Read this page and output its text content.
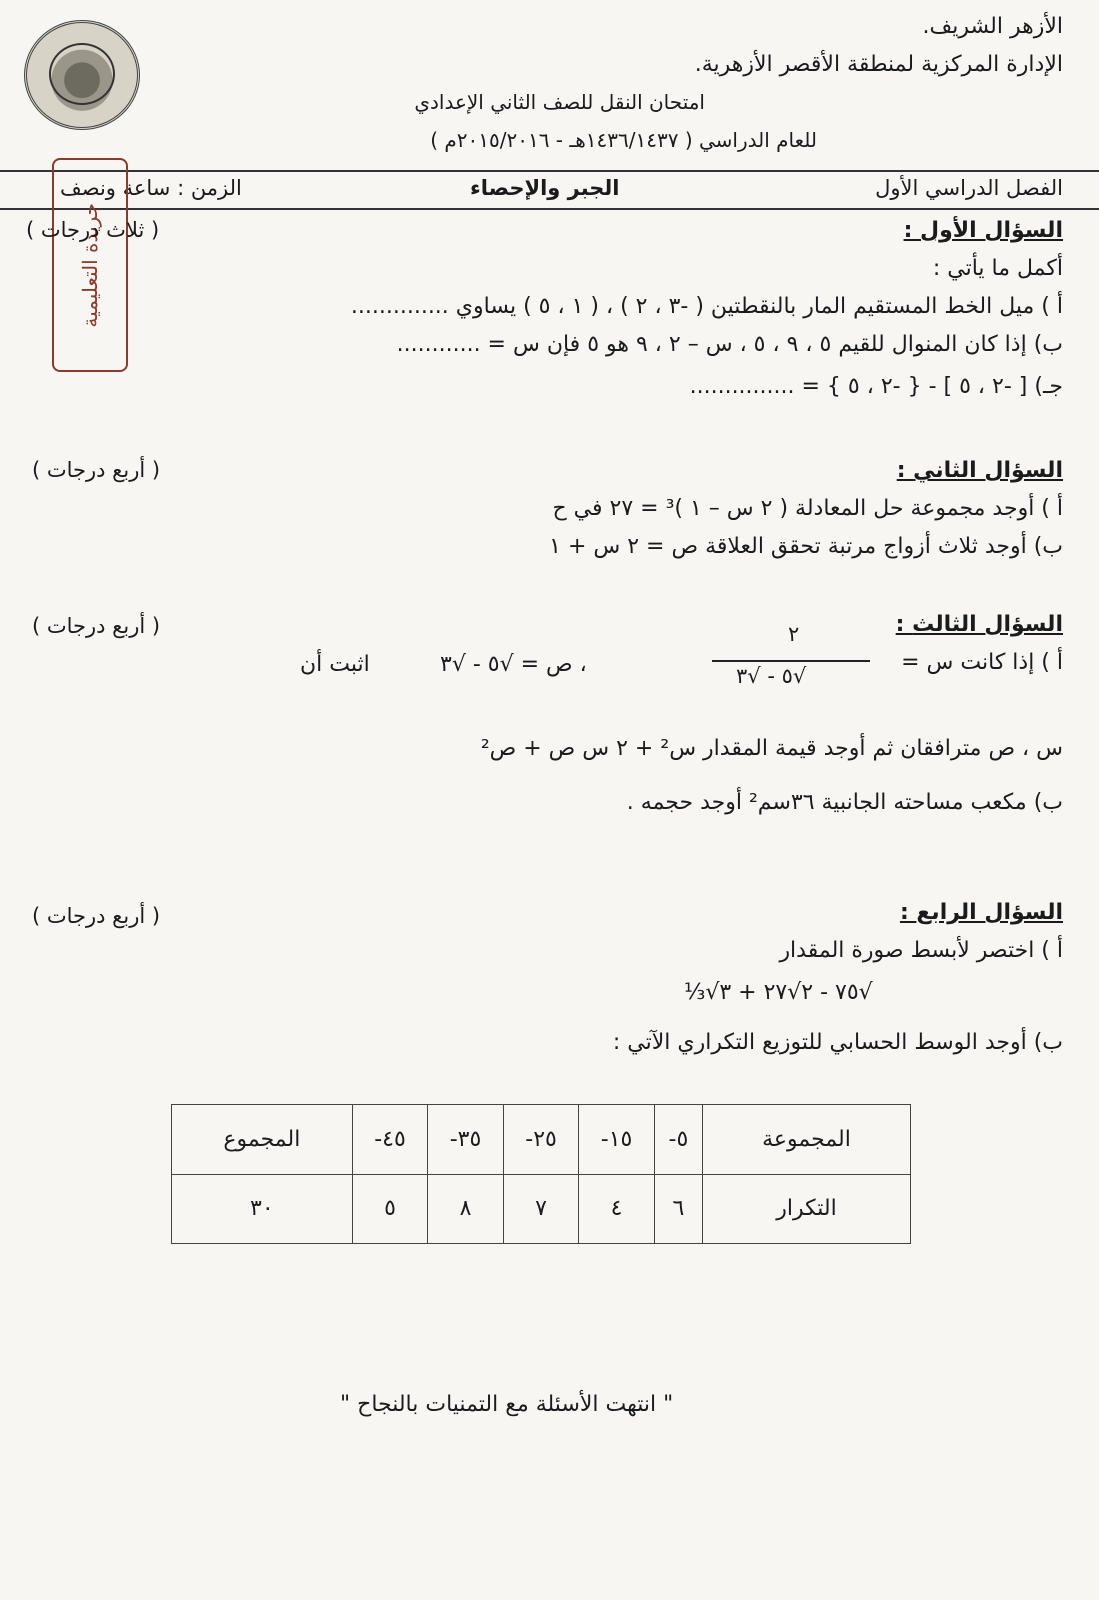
الأزهر الشريف.
الإدارة المركزية لمنطقة الأقصر الأزهرية.
امتحان النقل للصف الثاني الإعدادي
للعام الدراسي ( ١٤٣٦/١٤٣٧هـ - ٢٠١٥/٢٠١٦م )
الفصل الدراسي الأول
الجبر والإحصاء
الزمن : ساعة ونصف
جريدة التعليمية	السؤال الأول :
( ثلاث درجات )
أكمل ما يأتي :
أ ) ميل الخط المستقيم المار بالنقطتين ( -٣ ، ٢ ) ، ( ١ ، ٥ ) يساوي ..............
ب) إذا كان المنوال للقيم ٥ ، ٩ ، ٥ ، س – ٢ ، ٩ هو ٥ فإن س = ............
جـ) [ -٢ ، ٥ ] - { -٢ ، ٥ } = ...............
السؤال الثاني :
( أربع درجات )
أ ) أوجد مجموعة حل المعادلة ( ٢ س – ١ )³ = ٢٧ في ح
ب) أوجد ثلاث أزواج مرتبة تحقق العلاقة ص = ٢ س + ١
السؤال الثالث :
( أربع درجات )
أ ) إذا كانت س =
٢
√٥ - √٣
، ص = √٥ - √٣
اثبت أن
س ، ص مترافقان ثم أوجد قيمة المقدار س² + ٢ س ص + ص²
ب) مكعب مساحته الجانبية ٣٦سم² أوجد حجمه .
السؤال الرابع :
( أربع درجات )
أ ) اختصر لأبسط صورة المقدار
√٧٥ - ٢√٢٧ + ٣√⅓
ب) أوجد الوسط الحسابي للتوزيع التكراري الآتي :
المجموعة	٥-	١٥-	٢٥-	٣٥-	٤٥-	المجموع
التكرار	٦	٤	٧	٨	٥	٣٠
" انتهت الأسئلة مع التمنيات بالنجاح "
